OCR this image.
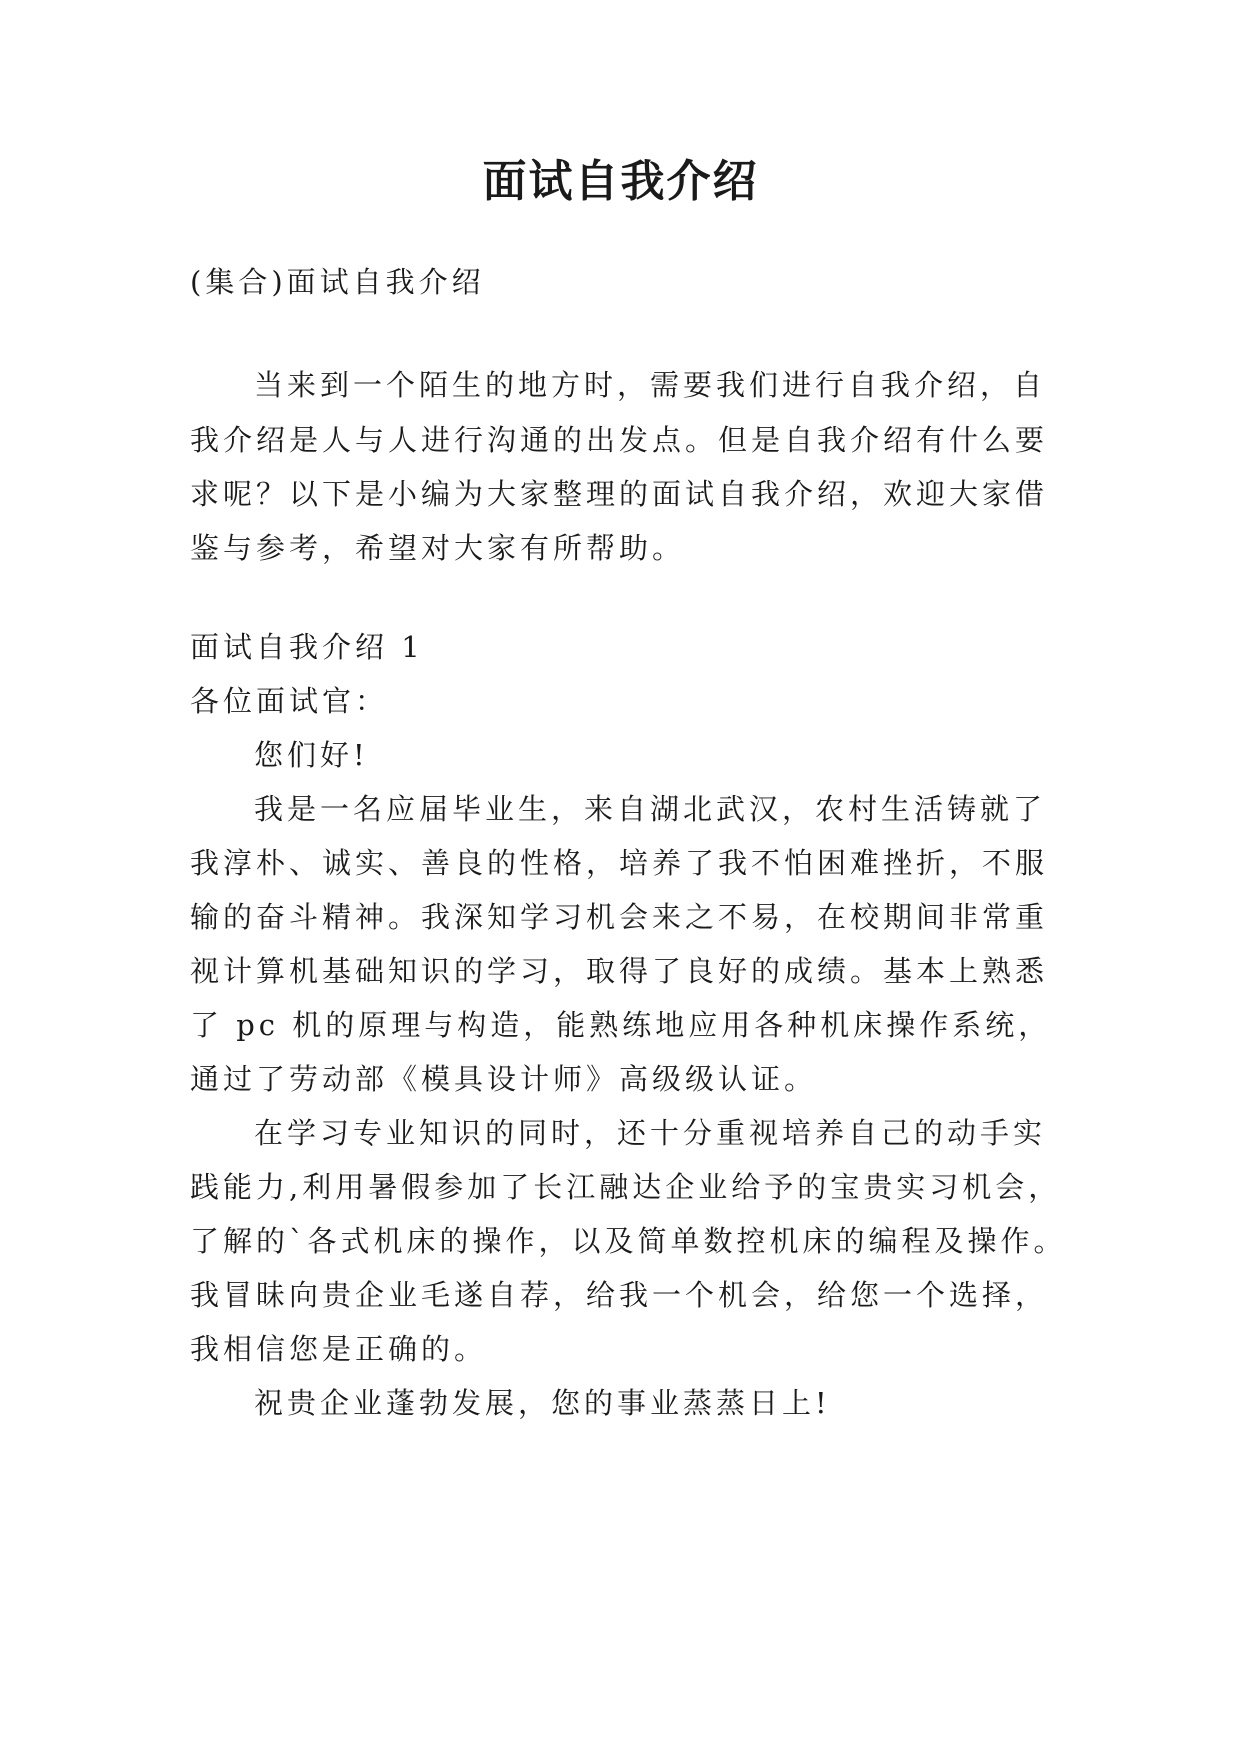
面试自我介绍
(集合)面试自我介绍
当来到一个陌生的地方时，需要我们进行自我介绍，自
我介绍是人与人进行沟通的出发点。但是自我介绍有什么要
求呢？以下是小编为大家整理的面试自我介绍，欢迎大家借
鉴与参考，希望对大家有所帮助。
面试自我介绍 1
各位面试官：
您们好!
我是一名应届毕业生，来自湖北武汉，农村生活铸就了
我淳朴、诚实、善良的性格，培养了我不怕困难挫折，不服
输的奋斗精神。我深知学习机会来之不易，在校期间非常重
视计算机基础知识的学习，取得了良好的成绩。基本上熟悉
了 pc 机的原理与构造，能熟练地应用各种机床操作系统，
通过了劳动部《模具设计师》高级级认证。
在学习专业知识的同时，还十分重视培养自己的动手实
践能力,利用暑假参加了长江融达企业给予的宝贵实习机会，
了解的`各式机床的操作，以及简单数控机床的编程及操作。
我冒昧向贵企业毛遂自荐，给我一个机会，给您一个选择，
我相信您是正确的。
祝贵企业蓬勃发展，您的事业蒸蒸日上!
